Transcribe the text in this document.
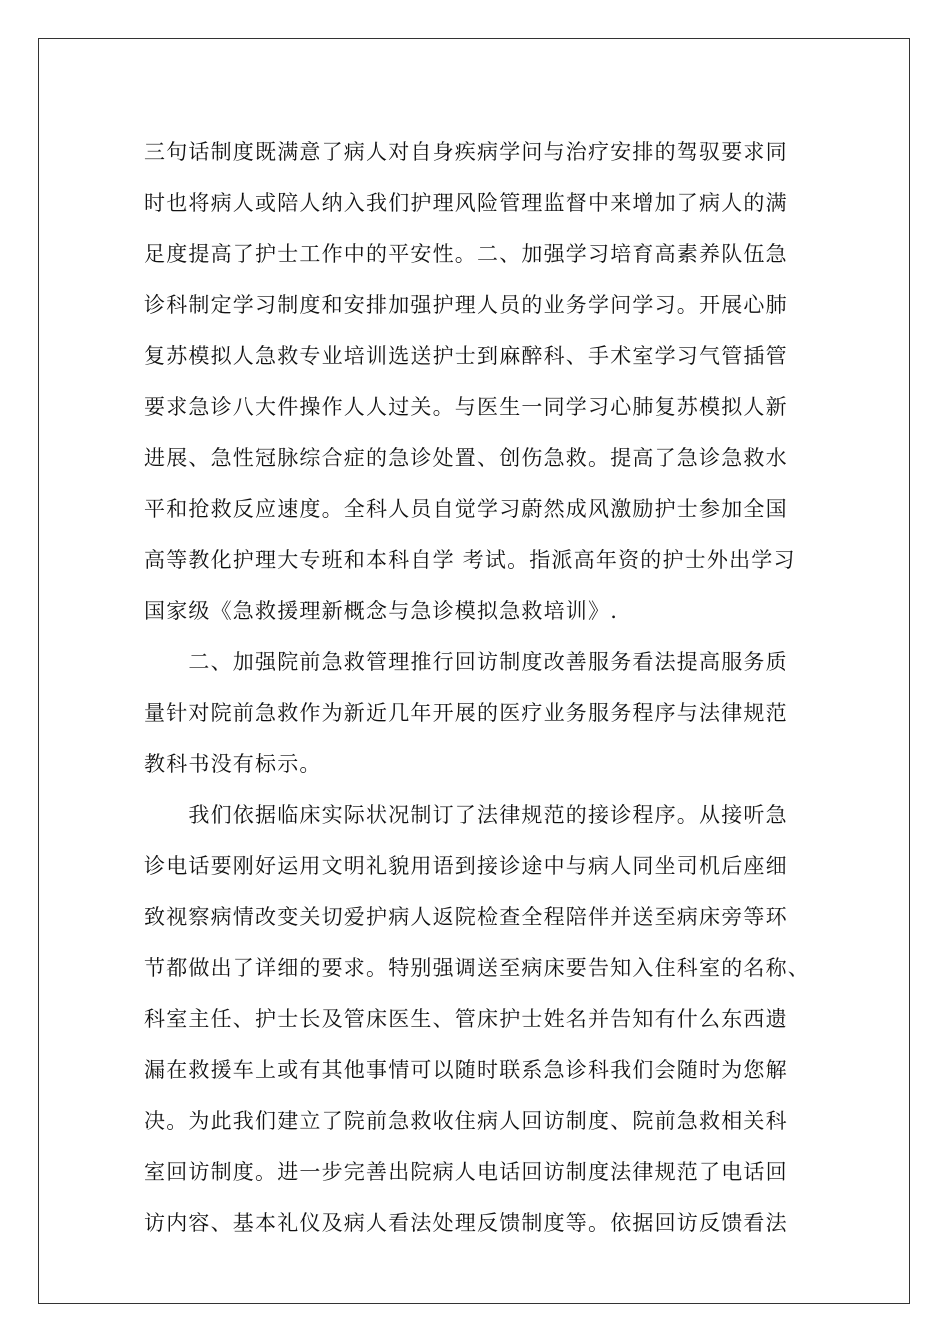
三句话制度既满意了病人对自身疾病学问与治疗安排的驾驭要求同
时也将病人或陪人纳入我们护理风险管理监督中来增加了病人的满
足度提高了护士工作中的平安性。二、加强学习培育高素养队伍急
诊科制定学习制度和安排加强护理人员的业务学问学习。开展心肺
复苏模拟人急救专业培训选送护士到麻醉科、手术室学习气管插管
要求急诊八大件操作人人过关。与医生一同学习心肺复苏模拟人新
进展、急性冠脉综合症的急诊处置、创伤急救。提高了急诊急救水
平和抢救反应速度。全科人员自觉学习蔚然成风激励护士参加全国
高等教化护理大专班和本科自学 考试。指派高年资的护士外出学习
国家级《急救援理新概念与急诊模拟急救培训》.
　　二、加强院前急救管理推行回访制度改善服务看法提高服务质
量针对院前急救作为新近几年开展的医疗业务服务程序与法律规范
教科书没有标示。
　　我们依据临床实际状况制订了法律规范的接诊程序。从接听急
诊电话要刚好运用文明礼貌用语到接诊途中与病人同坐司机后座细
致视察病情改变关切爱护病人返院检查全程陪伴并送至病床旁等环
节都做出了详细的要求。特别强调送至病床要告知入住科室的名称、
科室主任、护士长及管床医生、管床护士姓名并告知有什么东西遗
漏在救援车上或有其他事情可以随时联系急诊科我们会随时为您解
决。为此我们建立了院前急救收住病人回访制度、院前急救相关科
室回访制度。进一步完善出院病人电话回访制度法律规范了电话回
访内容、基本礼仪及病人看法处理反馈制度等。依据回访反馈看法
